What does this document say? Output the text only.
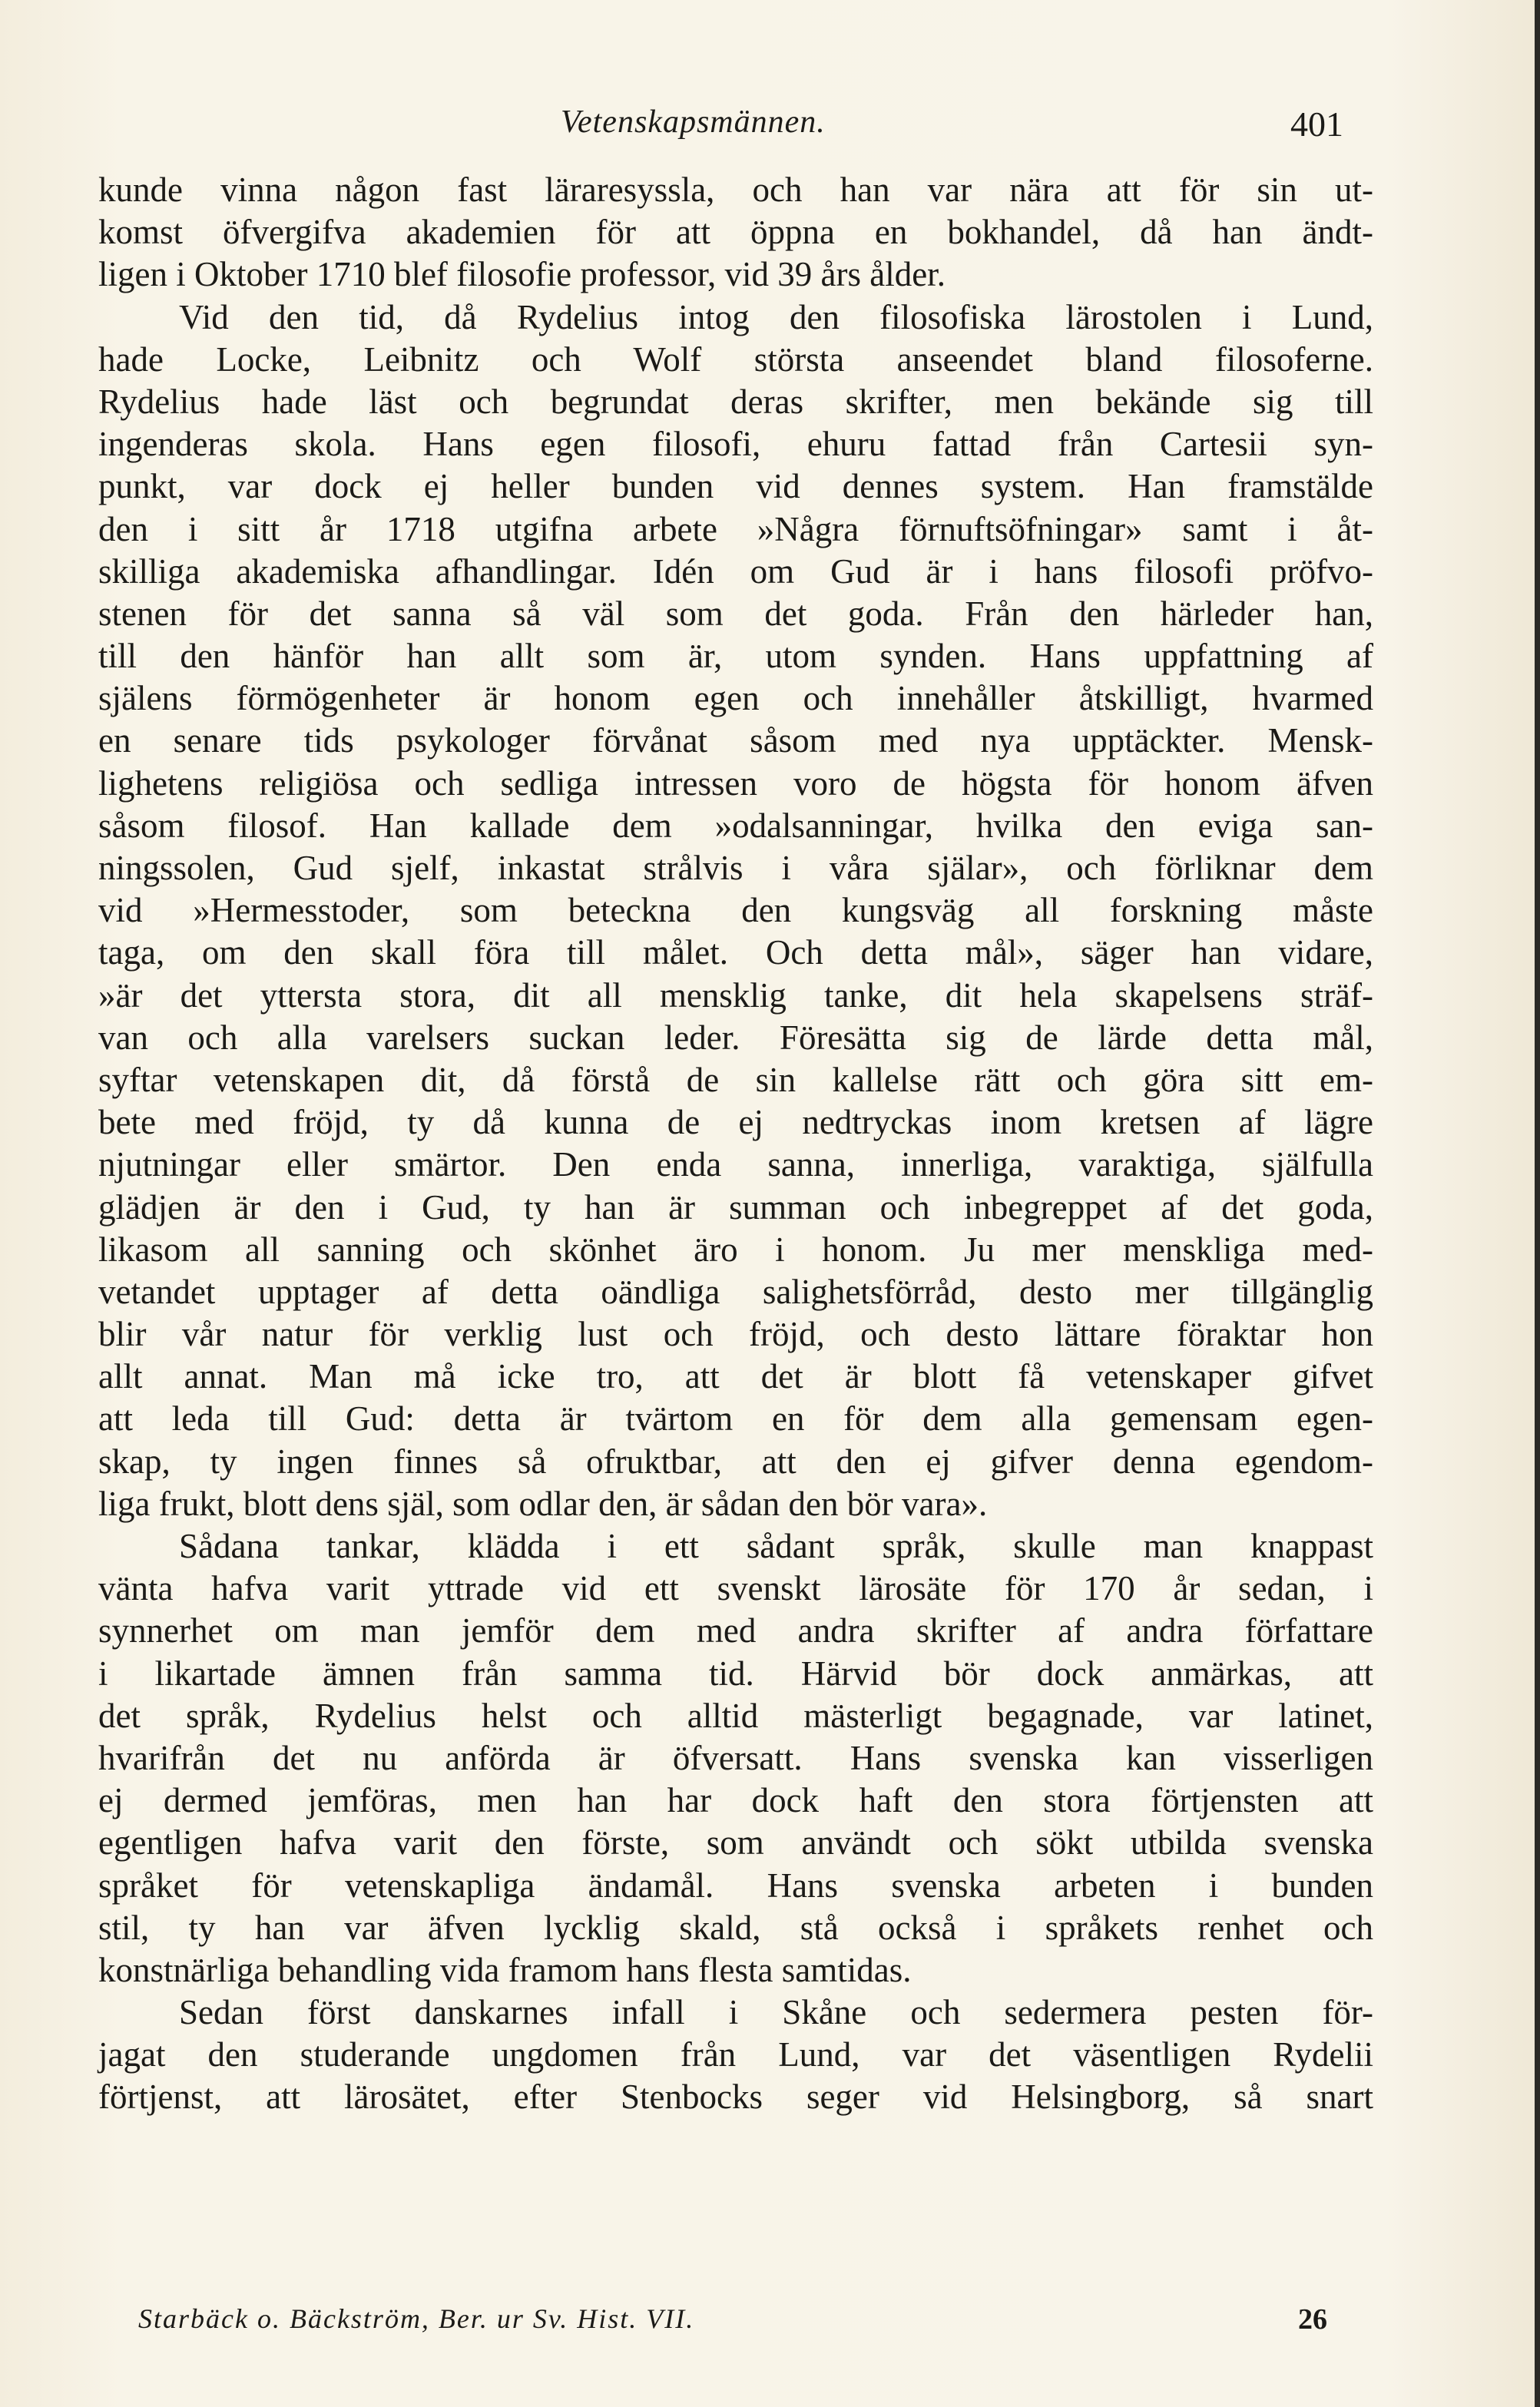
Vetenskapsmännen.	401
kunde vinna någon fast läraresyssla, och han var nära att för sin ut-
komst öfvergifva akademien för att öppna en bokhandel, då han ändt-
ligen i Oktober 1710 blef filosofie professor, vid 39 års ålder.
Vid den tid, då Rydelius intog den filosofiska lärostolen i Lund,
hade Locke, Leibnitz och Wolf största anseendet bland filosoferne.
Rydelius hade läst och begrundat deras skrifter, men bekände sig till
ingenderas skola. Hans egen filosofi, ehuru fattad från Cartesii syn-
punkt, var dock ej heller bunden vid dennes system. Han framstälde
den i sitt år 1718 utgifna arbete »Några förnuftsöfningar» samt i åt-
skilliga akademiska afhandlingar. Idén om Gud är i hans filosofi pröfvo-
stenen för det sanna så väl som det goda. Från den härleder han,
till den hänför han allt som är, utom synden. Hans uppfattning af
själens förmögenheter är honom egen och innehåller åtskilligt, hvarmed
en senare tids psykologer förvånat såsom med nya upptäckter. Mensk-
lighetens religiösa och sedliga intressen voro de högsta för honom äfven
såsom filosof. Han kallade dem »odalsanningar, hvilka den eviga san-
ningssolen, Gud sjelf, inkastat strålvis i våra själar», och förliknar dem
vid »Hermesstoder, som beteckna den kungsväg all forskning måste
taga, om den skall föra till målet. Och detta mål», säger han vidare,
»är det yttersta stora, dit all mensklig tanke, dit hela skapelsens sträf-
van och alla varelsers suckan leder. Föresätta sig de lärde detta mål,
syftar vetenskapen dit, då förstå de sin kallelse rätt och göra sitt em-
bete med fröjd, ty då kunna de ej nedtryckas inom kretsen af lägre
njutningar eller smärtor. Den enda sanna, innerliga, varaktiga, själfulla
glädjen är den i Gud, ty han är summan och inbegreppet af det goda,
likasom all sanning och skönhet äro i honom. Ju mer menskliga med-
vetandet upptager af detta oändliga salighetsförråd, desto mer tillgänglig
blir vår natur för verklig lust och fröjd, och desto lättare föraktar hon
allt annat. Man må icke tro, att det är blott få vetenskaper gifvet
att leda till Gud: detta är tvärtom en för dem alla gemensam egen-
skap, ty ingen finnes så ofruktbar, att den ej gifver denna egendom-
liga frukt, blott dens själ, som odlar den, är sådan den bör vara».
Sådana tankar, klädda i ett sådant språk, skulle man knappast
vänta hafva varit yttrade vid ett svenskt lärosäte för 170 år sedan, i
synnerhet om man jemför dem med andra skrifter af andra författare
i likartade ämnen från samma tid. Härvid bör dock anmärkas, att
det språk, Rydelius helst och alltid mästerligt begagnade, var latinet,
hvarifrån det nu anförda är öfversatt. Hans svenska kan visserligen
ej dermed jemföras, men han har dock haft den stora förtjensten att
egentligen hafva varit den förste, som användt och sökt utbilda svenska
språket för vetenskapliga ändamål. Hans svenska arbeten i bunden
stil, ty han var äfven lycklig skald, stå också i språkets renhet och
konstnärliga behandling vida framom hans flesta samtidas.
Sedan först danskarnes infall i Skåne och sedermera pesten för-
jagat den studerande ungdomen från Lund, var det väsentligen Rydelii
förtjenst, att lärosätet, efter Stenbocks seger vid Helsingborg, så snart
Starbäck o. Bäckström, Ber. ur Sv. Hist. VII.	26
